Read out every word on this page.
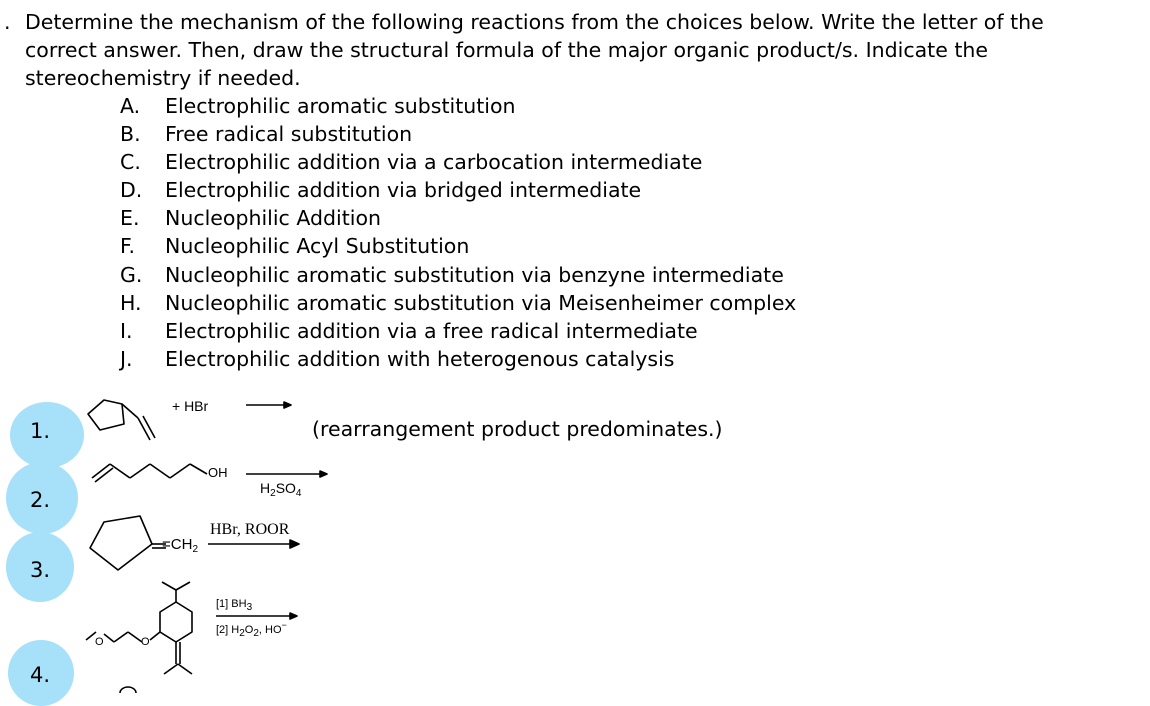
. Determine the mechanism of the following reactions from the choices below. Write the letter of the correct answer. Then, draw the structural formula of the major organic product/s. Indicate the stereochemistry if needed.

A.	Electrophilic aromatic substitution
B.	Free radical substitution
C.	Electrophilic addition via a carbocation intermediate
D.	Electrophilic addition via bridged intermediate
E.	Nucleophilic Addition
F.	Nucleophilic Acyl Substitution
G.	Nucleophilic aromatic substitution via benzyne intermediate
H.	Nucleophilic aromatic substitution via Meisenheimer complex
I.	Electrophilic addition via a free radical intermediate
J.	Electrophilic addition with heterogenous catalysis
1.
2.
3.
4.
+ HBr
(rearrangement product predominates.)
OH
$H_2SO_4$
$=CH_2$
HBr, ROOR
O	O
[1] BH3
[2] H2O2, HO−
